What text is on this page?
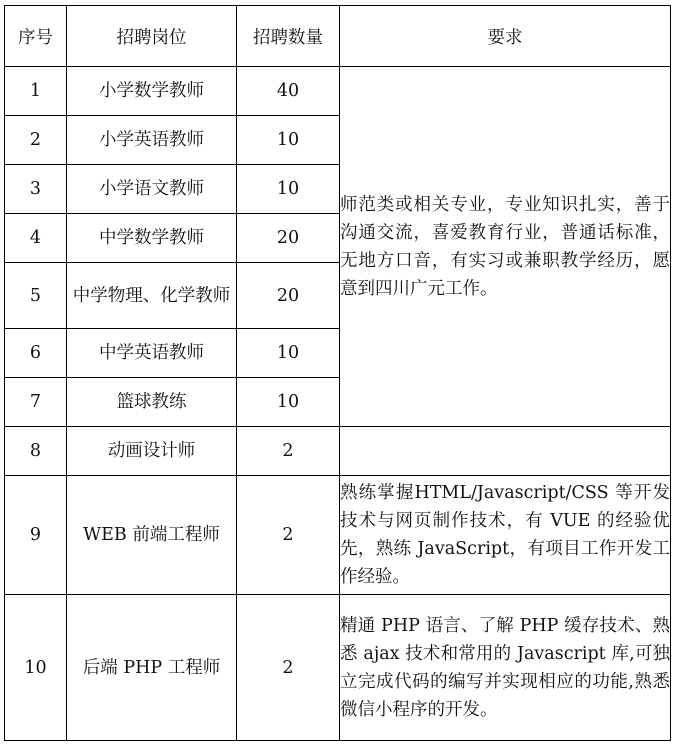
序号	招聘岗位	招聘数量	要求
1	小学数学教师	40	师范类或相关专业，专业知识扎实，善于沟通交流，喜爱教育行业，普通话标准，无地方口音，有实习或兼职教学经历，愿意到四川广元工作。
2	小学英语教师	10	
3	小学语文教师	10	
4	中学数学教师	20	
5	中学物理、化学教师	20	
6	中学英语教师	10	
7	篮球教练	10	
8	动画设计师	2	
9	WEB 前端工程师	2	熟练掌握HTML/Javascript/CSS 等开发技术与网页制作技术，有 VUE 的经验优先，熟练 JavaScript，有项目工作开发工作经验。
10	后端 PHP 工程师	2	精通 PHP 语言、了解 PHP 缓存技术、熟悉 ajax 技术和常用的 Javascript 库,可独立完成代码的编写并实现相应的功能,熟悉微信小程序的开发。
